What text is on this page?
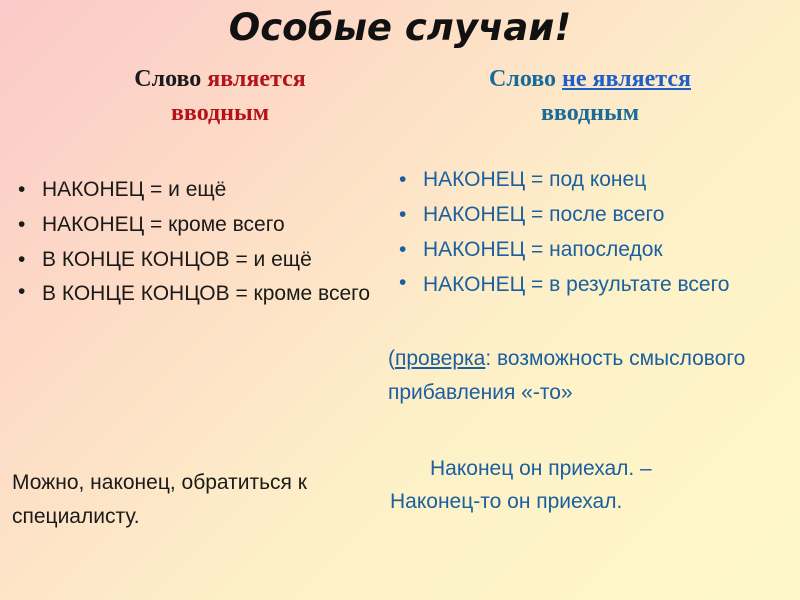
Особые случаи!
Слово является
вводным
Слово не является
вводным
• НАКОНЕЦ = и ещё
• НАКОНЕЦ = кроме всего
• В КОНЦЕ КОНЦОВ = и ещё
• В КОНЦЕ КОНЦОВ = кроме всего
• НАКОНЕЦ = под конец
• НАКОНЕЦ = после всего
• НАКОНЕЦ = напоследок
• НАКОНЕЦ = в результате всего
(проверка: возможность смыслового прибавления «-то»
Можно, наконец, обратиться к специалисту.
Наконец он приехал. –
Наконец-то он приехал.
